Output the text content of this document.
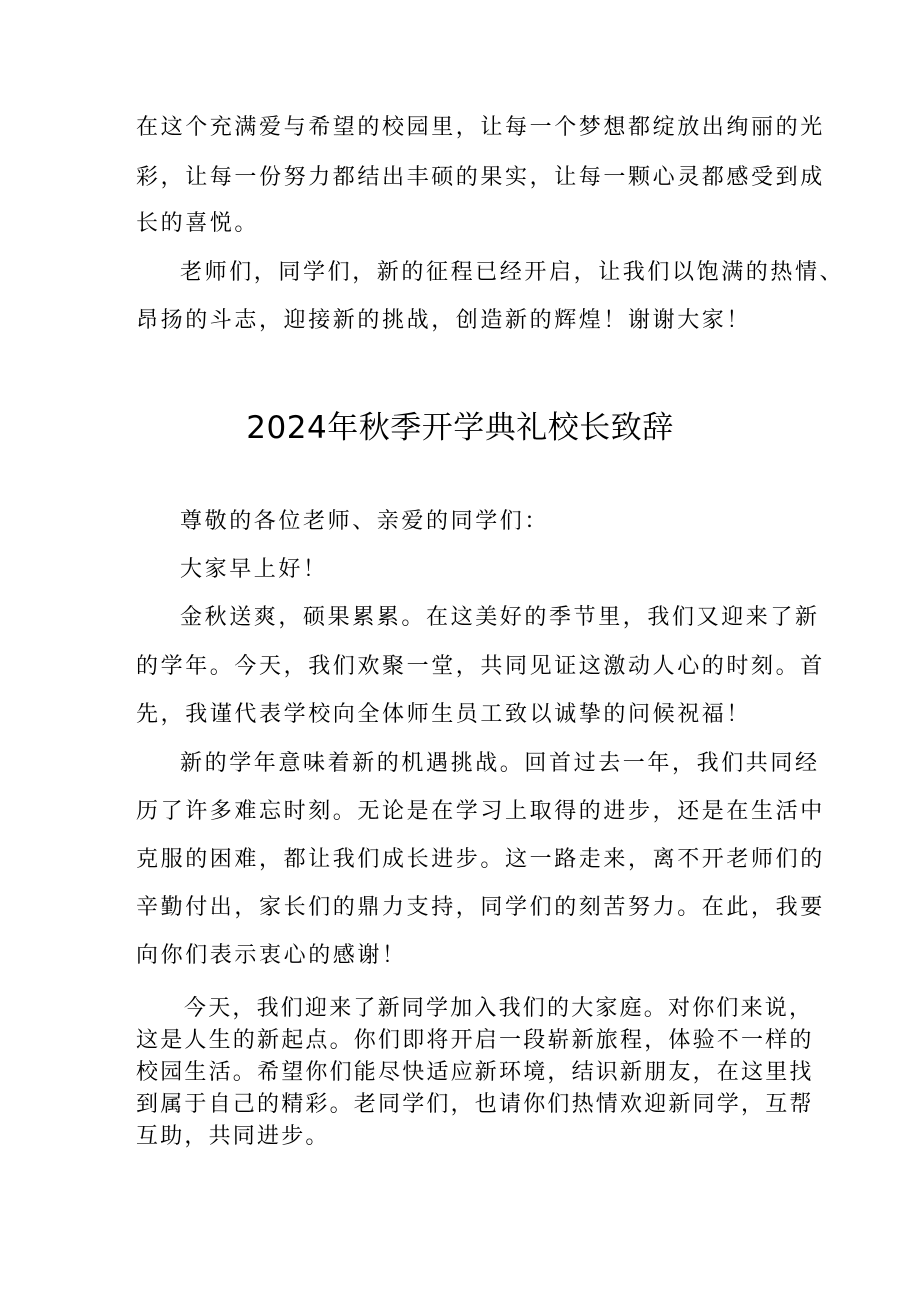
在这个充满爱与希望的校园里，让每一个梦想都绽放出绚丽的光
彩，让每一份努力都结出丰硕的果实，让每一颗心灵都感受到成
长的喜悦。
老师们，同学们，新的征程已经开启，让我们以饱满的热情、
昂扬的斗志，迎接新的挑战，创造新的辉煌！谢谢大家！
2024年秋季开学典礼校长致辞
尊敬的各位老师、亲爱的同学们：
大家早上好！
金秋送爽，硕果累累。在这美好的季节里，我们又迎来了新
的学年。今天，我们欢聚一堂，共同见证这激动人心的时刻。首
先，我谨代表学校向全体师生员工致以诚挚的问候祝福！
新的学年意味着新的机遇挑战。回首过去一年，我们共同经
历了许多难忘时刻。无论是在学习上取得的进步，还是在生活中
克服的困难，都让我们成长进步。这一路走来，离不开老师们的
辛勤付出，家长们的鼎力支持，同学们的刻苦努力。在此，我要
向你们表示衷心的感谢！
今天，我们迎来了新同学加入我们的大家庭。对你们来说，
这是人生的新起点。你们即将开启一段崭新旅程，体验不一样的
校园生活。希望你们能尽快适应新环境，结识新朋友，在这里找
到属于自己的精彩。老同学们，也请你们热情欢迎新同学，互帮
互助，共同进步。
